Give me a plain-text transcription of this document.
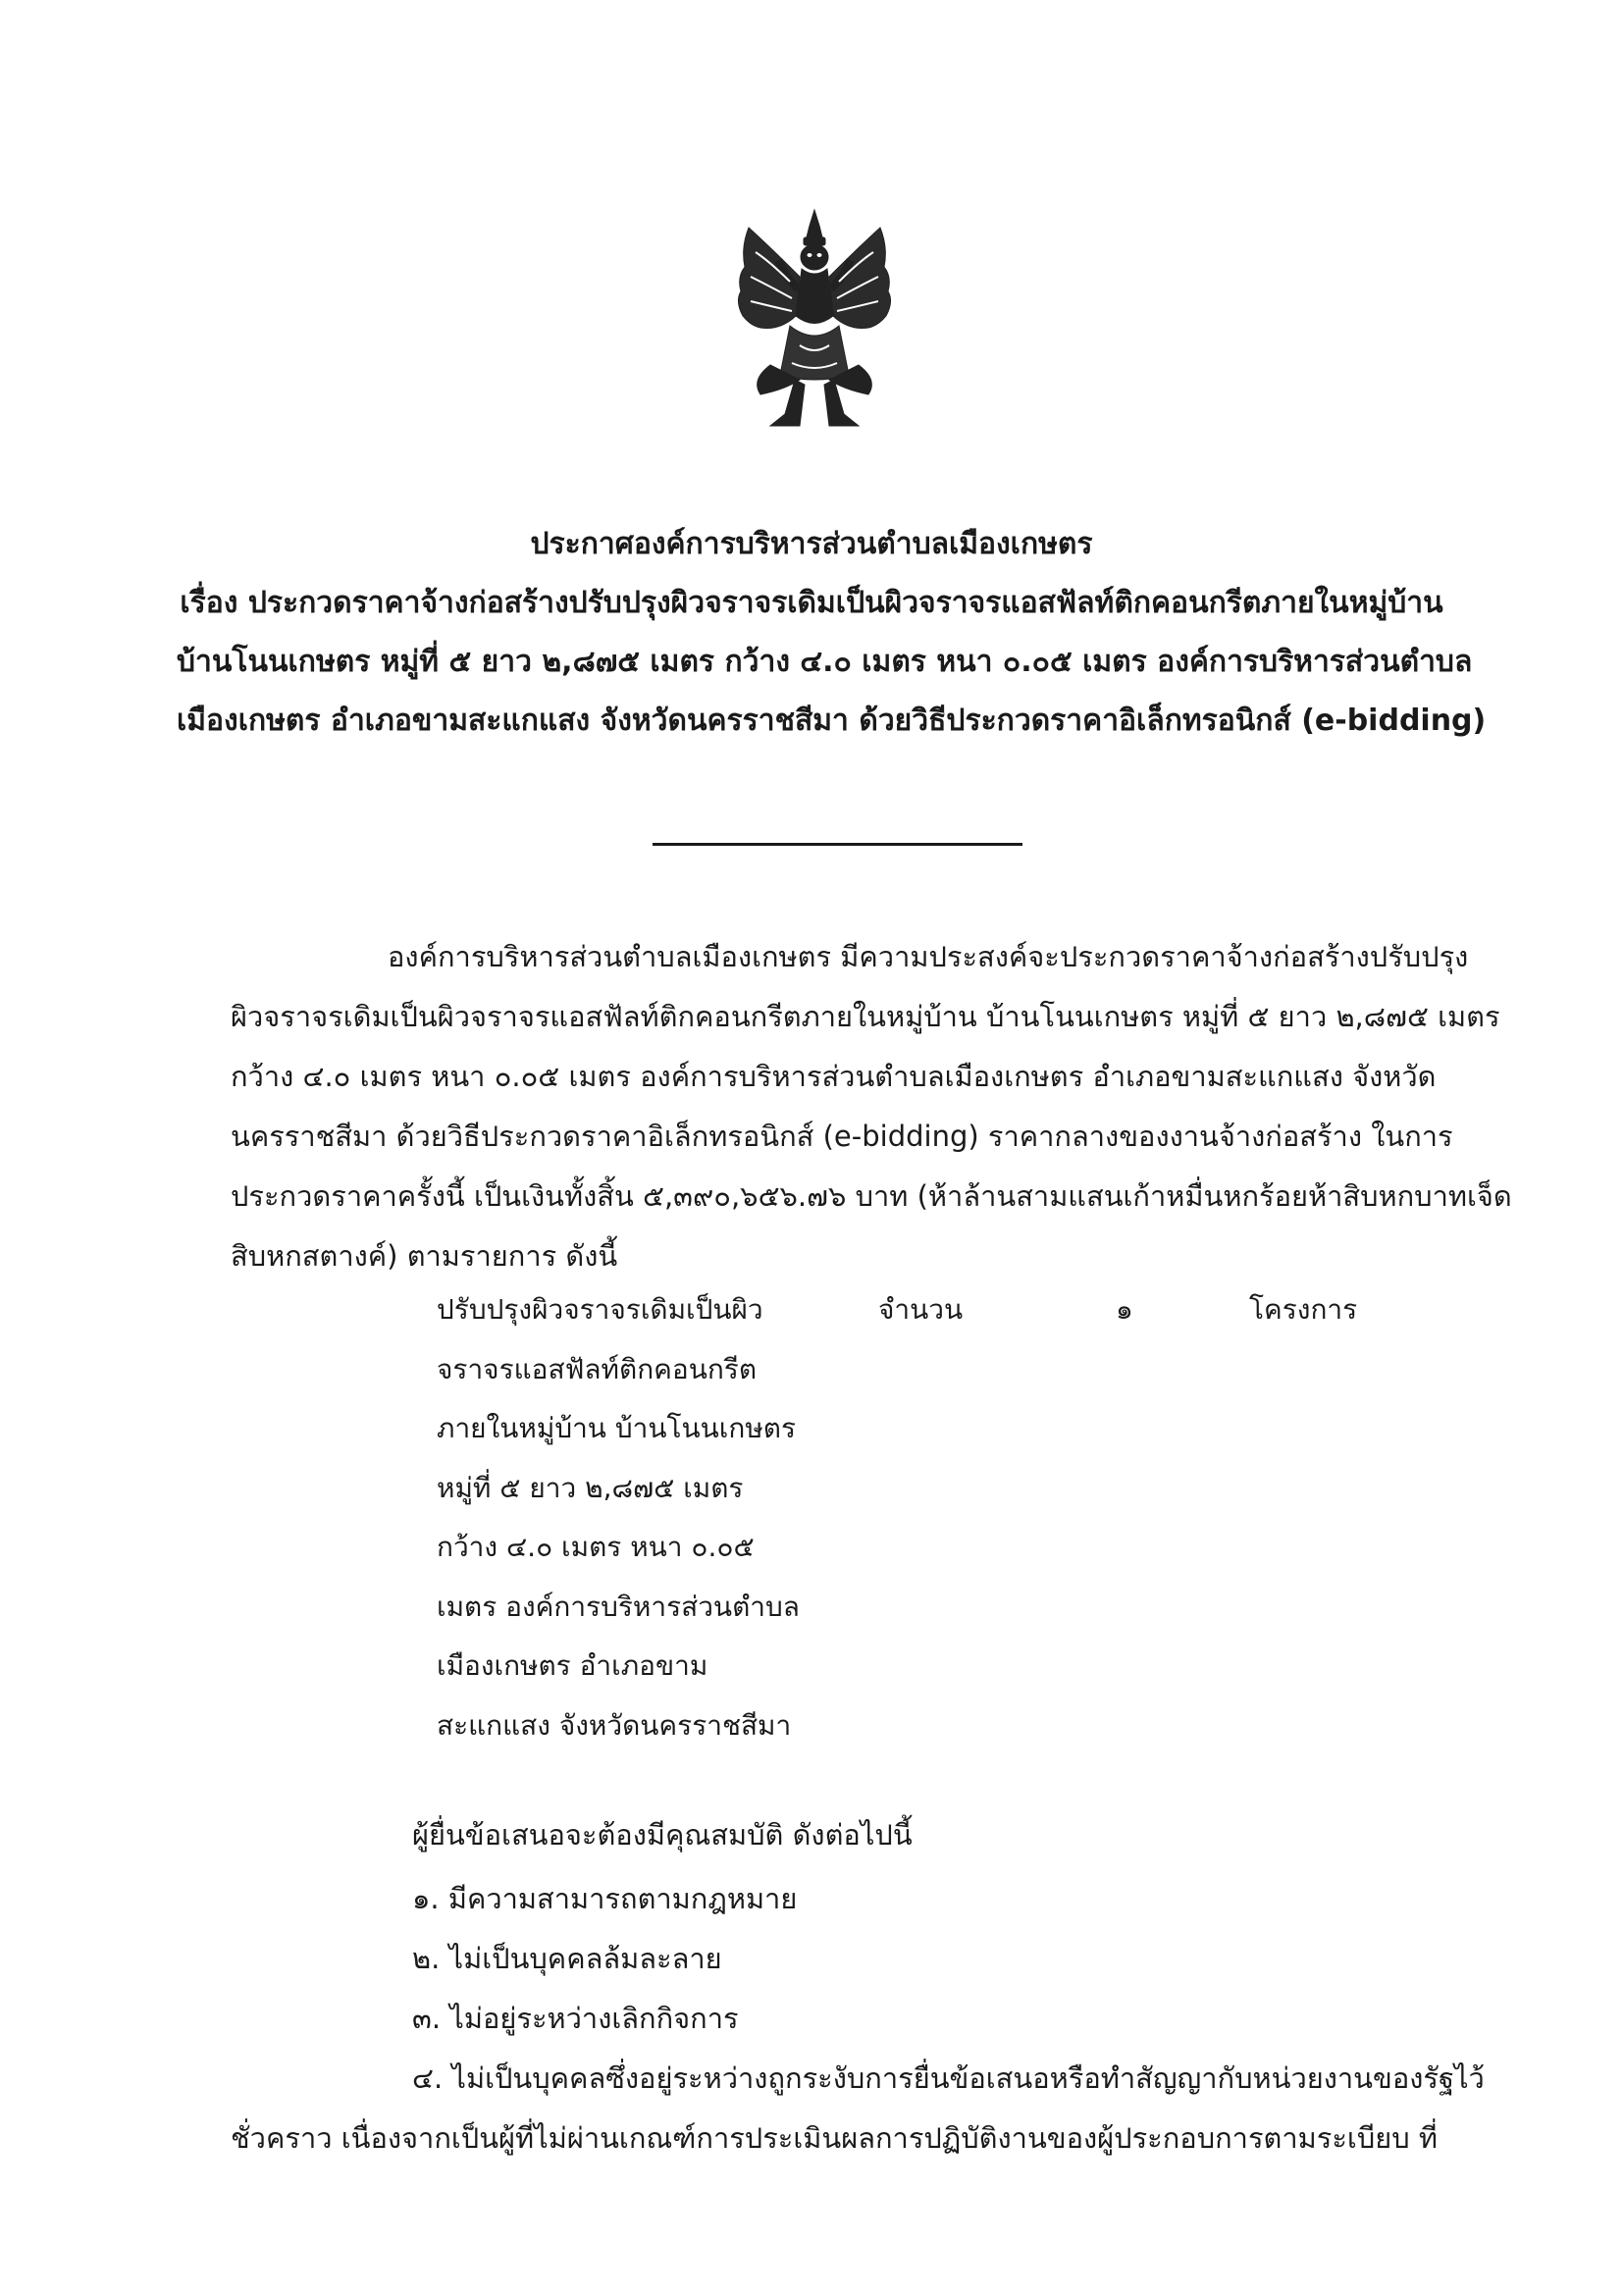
ประกาศองค์การบริหารส่วนตำบลเมืองเกษตร
เรื่อง ประกวดราคาจ้างก่อสร้างปรับปรุงผิวจราจรเดิมเป็นผิวจราจรแอสฟัลท์ติกคอนกรีตภายในหมู่บ้าน
บ้านโนนเกษตร หมู่ที่ ๕ ยาว ๒,๘๗๕ เมตร กว้าง ๔.๐ เมตร หนา ๐.๐๕ เมตร องค์การบริหารส่วนตำบล
เมืองเกษตร อำเภอขามสะแกแสง จังหวัดนครราชสีมา ด้วยวิธีประกวดราคาอิเล็กทรอนิกส์ (e-bidding)
องค์การบริหารส่วนตำบลเมืองเกษตร มีความประสงค์จะประกวดราคาจ้างก่อสร้างปรับปรุง
ผิวจราจรเดิมเป็นผิวจราจรแอสฟัลท์ติกคอนกรีตภายในหมู่บ้าน บ้านโนนเกษตร หมู่ที่ ๕ ยาว ๒,๘๗๕ เมตร
กว้าง ๔.๐ เมตร หนา ๐.๐๕ เมตร องค์การบริหารส่วนตำบลเมืองเกษตร อำเภอขามสะแกแสง จังหวัด
นครราชสีมา ด้วยวิธีประกวดราคาอิเล็กทรอนิกส์ (e-bidding) ราคากลางของงานจ้างก่อสร้าง ในการ
ประกวดราคาครั้งนี้ เป็นเงินทั้งสิ้น ๕,๓๙๐,๖๕๖.๗๖ บาท (ห้าล้านสามแสนเก้าหมื่นหกร้อยห้าสิบหกบาทเจ็ด
สิบหกสตางค์) ตามรายการ ดังนี้
ปรับปรุงผิวจราจรเดิมเป็นผิว
จราจรแอสฟัลท์ติกคอนกรีต
ภายในหมู่บ้าน บ้านโนนเกษตร
หมู่ที่ ๕ ยาว ๒,๘๗๕ เมตร
กว้าง ๔.๐ เมตร หนา ๐.๐๕
เมตร องค์การบริหารส่วนตำบล
เมืองเกษตร อำเภอขาม
สะแกแสง จังหวัดนครราชสีมา
จำนวน	๑	โครงการ
ผู้ยื่นข้อเสนอจะต้องมีคุณสมบัติ ดังต่อไปนี้
๑. มีความสามารถตามกฎหมาย
๒. ไม่เป็นบุคคลล้มละลาย
๓. ไม่อยู่ระหว่างเลิกกิจการ
๔. ไม่เป็นบุคคลซึ่งอยู่ระหว่างถูกระงับการยื่นข้อเสนอหรือทำสัญญากับหน่วยงานของรัฐไว้
ชั่วคราว เนื่องจากเป็นผู้ที่ไม่ผ่านเกณฑ์การประเมินผลการปฏิบัติงานของผู้ประกอบการตามระเบียบ ที่
